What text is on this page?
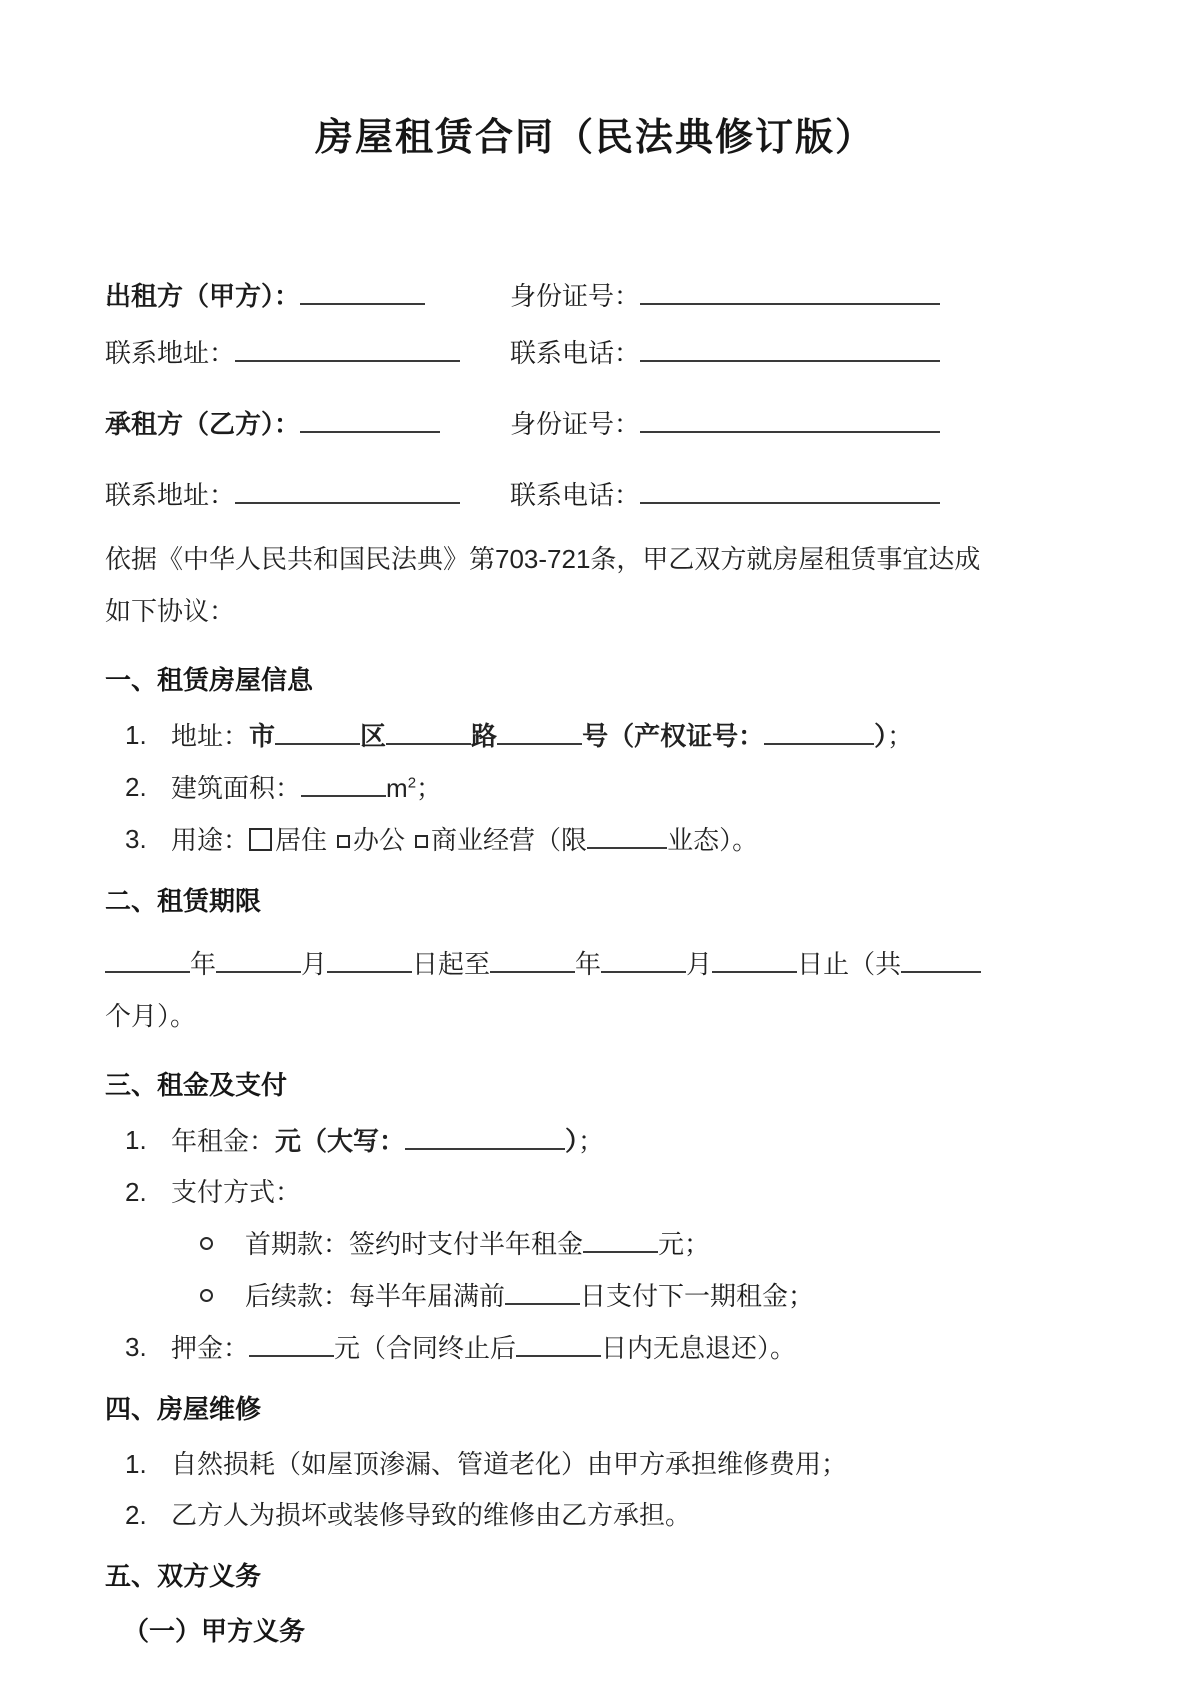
房屋租赁合同（民法典修订版）
出租方（甲方）：	身份证号：
联系地址：	联系电话：
承租方（乙方）：	身份证号：
联系地址：	联系电话：
依据《中华人民共和国民法典》第703-721条，甲乙双方就房屋租赁事宜达成
如下协议：
一、租赁房屋信息
1. 地址：市	区	路	号（产权证号：	）；
2. 建筑面积：	$m^2$；
3. 用途： 居住 办公 商业经营（限	业态）。
二、租赁期限
年	月	日起至	年	月	日止（共
个月）。
三、租金及支付
1. 年租金：元（大写：	）；
2. 支付方式：
首期款：签约时支付半年租金	元；
后续款：每半年届满前	日支付下一期租金；
3. 押金：	元（合同终止后	日内无息退还）。
四、房屋维修
1. 自然损耗（如屋顶渗漏、管道老化）由甲方承担维修费用；
2. 乙方人为损坏或装修导致的维修由乙方承担。
五、双方义务
（一）甲方义务
